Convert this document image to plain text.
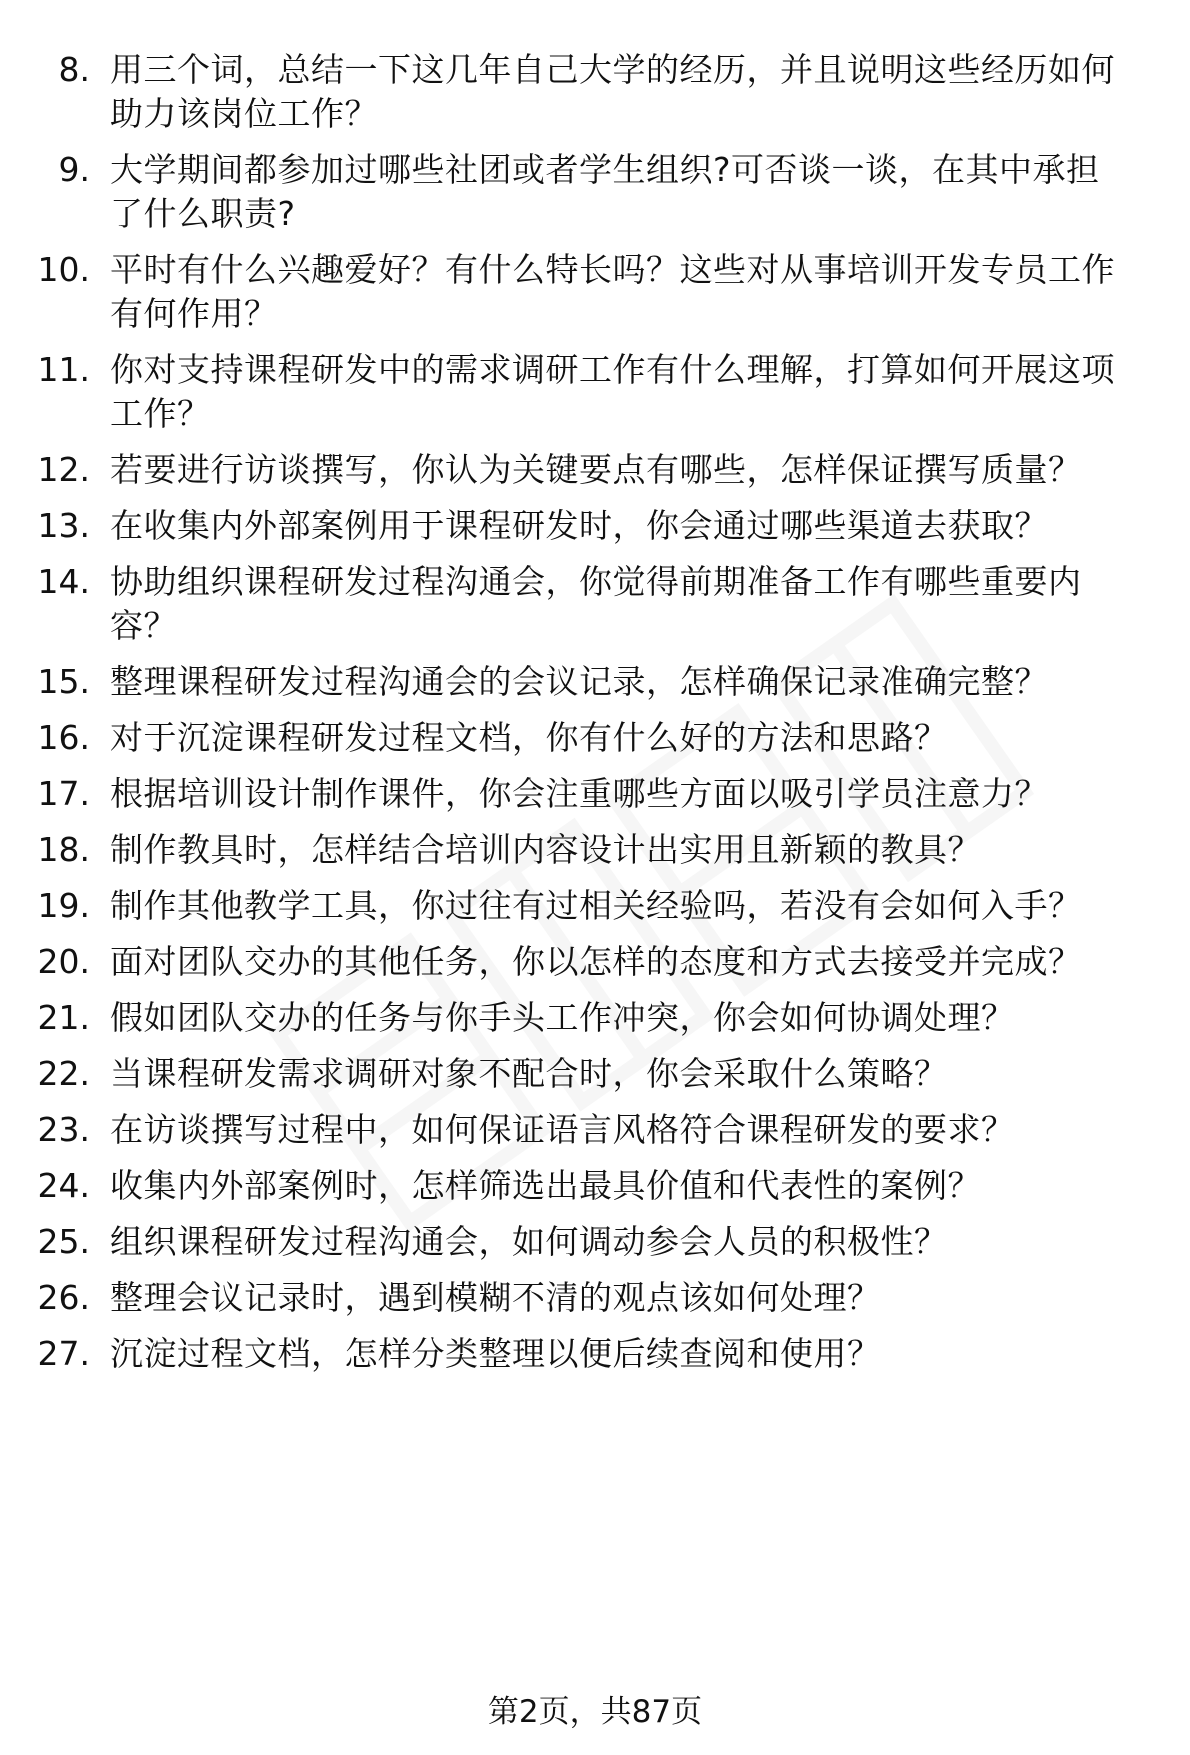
8. 用三个词，总结一下这几年自己大学的经历，并且说明这些经历如何助力该岗位工作？
9. 大学期间都参加过哪些社团或者学生组织?可否谈一谈，在其中承担了什么职责?
10. 平时有什么兴趣爱好？有什么特长吗？这些对从事培训开发专员工作有何作用？
11. 你对支持课程研发中的需求调研工作有什么理解，打算如何开展这项工作？
12. 若要进行访谈撰写，你认为关键要点有哪些，怎样保证撰写质量？
13. 在收集内外部案例用于课程研发时，你会通过哪些渠道去获取？
14. 协助组织课程研发过程沟通会，你觉得前期准备工作有哪些重要内容？
15. 整理课程研发过程沟通会的会议记录，怎样确保记录准确完整？
16. 对于沉淀课程研发过程文档，你有什么好的方法和思路？
17. 根据培训设计制作课件，你会注重哪些方面以吸引学员注意力？
18. 制作教具时，怎样结合培训内容设计出实用且新颖的教具？
19. 制作其他教学工具，你过往有过相关经验吗，若没有会如何入手？
20. 面对团队交办的其他任务，你以怎样的态度和方式去接受并完成？
21. 假如团队交办的任务与你手头工作冲突，你会如何协调处理？
22. 当课程研发需求调研对象不配合时，你会采取什么策略？
23. 在访谈撰写过程中，如何保证语言风格符合课程研发的要求？
24. 收集内外部案例时，怎样筛选出最具价值和代表性的案例？
25. 组织课程研发过程沟通会，如何调动参会人员的积极性？
26. 整理会议记录时，遇到模糊不清的观点该如何处理？
27. 沉淀过程文档，怎样分类整理以便后续查阅和使用？
第2页，共87页
